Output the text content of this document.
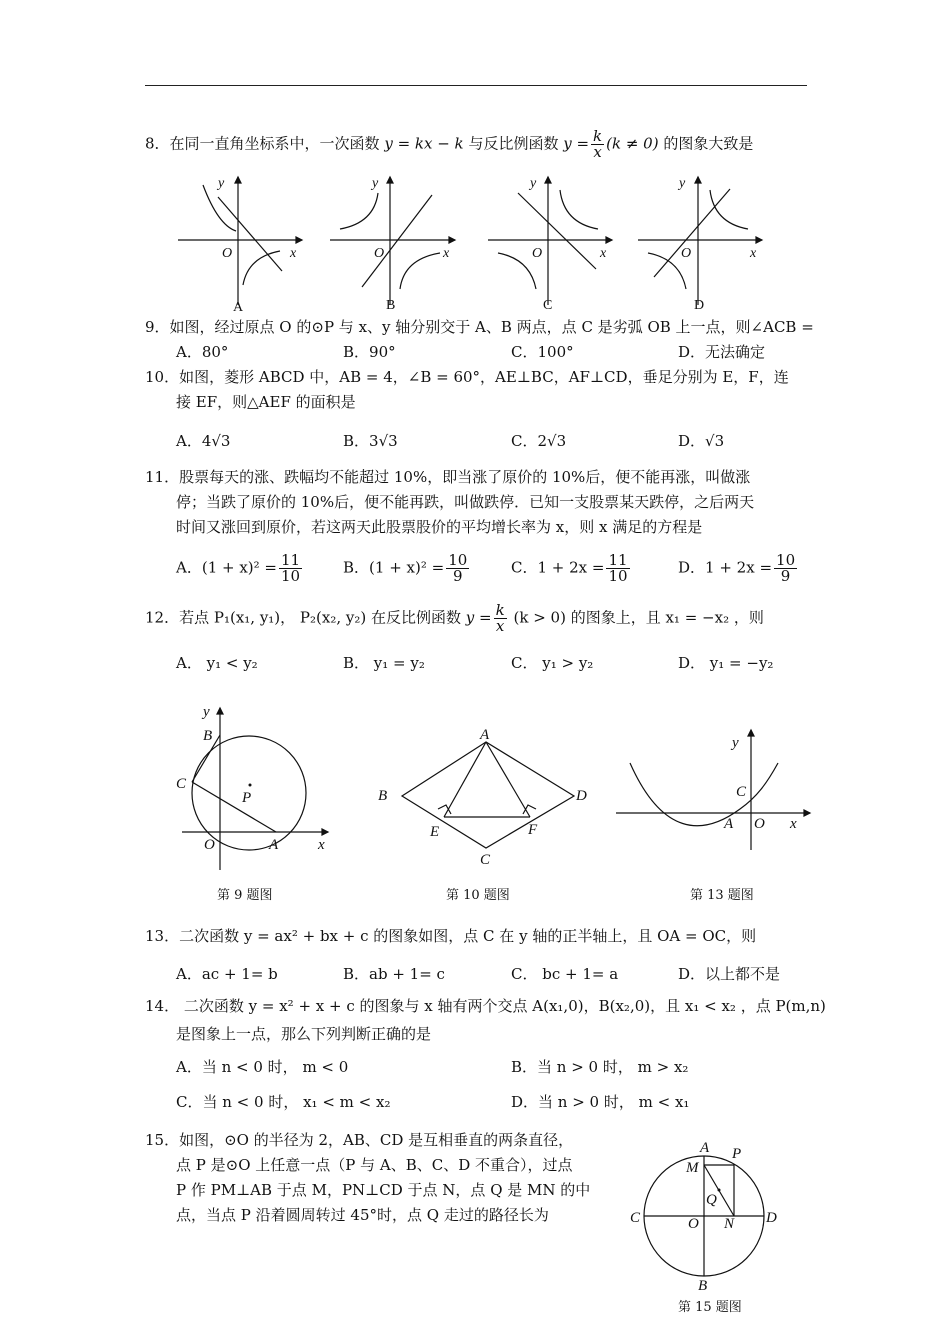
8．在同一直角坐标系中，一次函数 y = kx − k 与反比例函数 $y = \frac{k}{x} (k \ne 0)$ 的图象大致是
y
O	x
A
y
O	x
B
y
O	x
C
y
O	x
D
9．如图，经过原点 O 的⊙P 与 x、y 轴分别交于 A、B 两点，点 C 是劣弧 OB 上一点，则∠ACB =
A．80°	B．90°	C．100°	D．无法确定
10．如图，菱形 ABCD 中，AB = 4，∠B = 60°，AE⊥BC，AF⊥CD，垂足分别为 E，F，连
接 EF，则△AEF 的面积是
A．4√3	B．3√3	C．2√3	D．√3
11．股票每天的涨、跌幅均不能超过 10%，即当涨了原价的 10%后，便不能再涨，叫做涨
停；当跌了原价的 10%后，便不能再跌，叫做跌停．已知一支股票某天跌停，之后两天
时间又涨回到原价，若这两天此股票股价的平均增长率为 x，则 x 满足的方程是
A．$(1 + x)^2 = \frac{11}{10}$	B．$(1 + x)^2 = \frac{10}{9}$	C．$1 + 2x = \frac{11}{10}$	D．$1 + 2x = \frac{10}{9}$
12．若点 P₁(x₁, y₁)， P₂(x₂, y₂) 在反比例函数 $y = \frac{k}{x} (k > 0)$ 的图象上，且 x₁ = −x₂ ，则
A． y₁ < y₂	B． y₁ = y₂	C． y₁ > y₂	D． y₁ = −y₂
y
B
C
P
O	A	x
第 9 题图
A
B	D
E	F
C
第 10 题图
y
C
A O x
第 13 题图
13．二次函数 y = ax² + bx + c 的图象如图，点 C 在 y 轴的正半轴上，且 OA = OC，则
A．ac + 1= b	B．ab + 1= c	C． bc + 1= a	D．以上都不是
14． 二次函数 y = x² + x + c 的图象与 x 轴有两个交点 A(x₁,0)，B(x₂,0)，且 x₁ < x₂ ，点 P(m,n)
是图象上一点，那么下列判断正确的是
A．当 n < 0 时， m < 0	B．当 n > 0 时， m > x₂
C．当 n < 0 时， x₁ < m < x₂	D．当 n > 0 时， m < x₁
15．如图，⊙O 的半径为 2，AB、CD 是互相垂直的两条直径，
点 P 是⊙O 上任意一点（P 与 A、B、C、D 不重合），过点
P 作 PM⊥AB 于点 M，PN⊥CD 于点 N，点 Q 是 MN 的中
点，当点 P 沿着圆周转过 45°时，点 Q 走过的路径长为
A P
M
Q
C	O N D
B
第 15 题图
